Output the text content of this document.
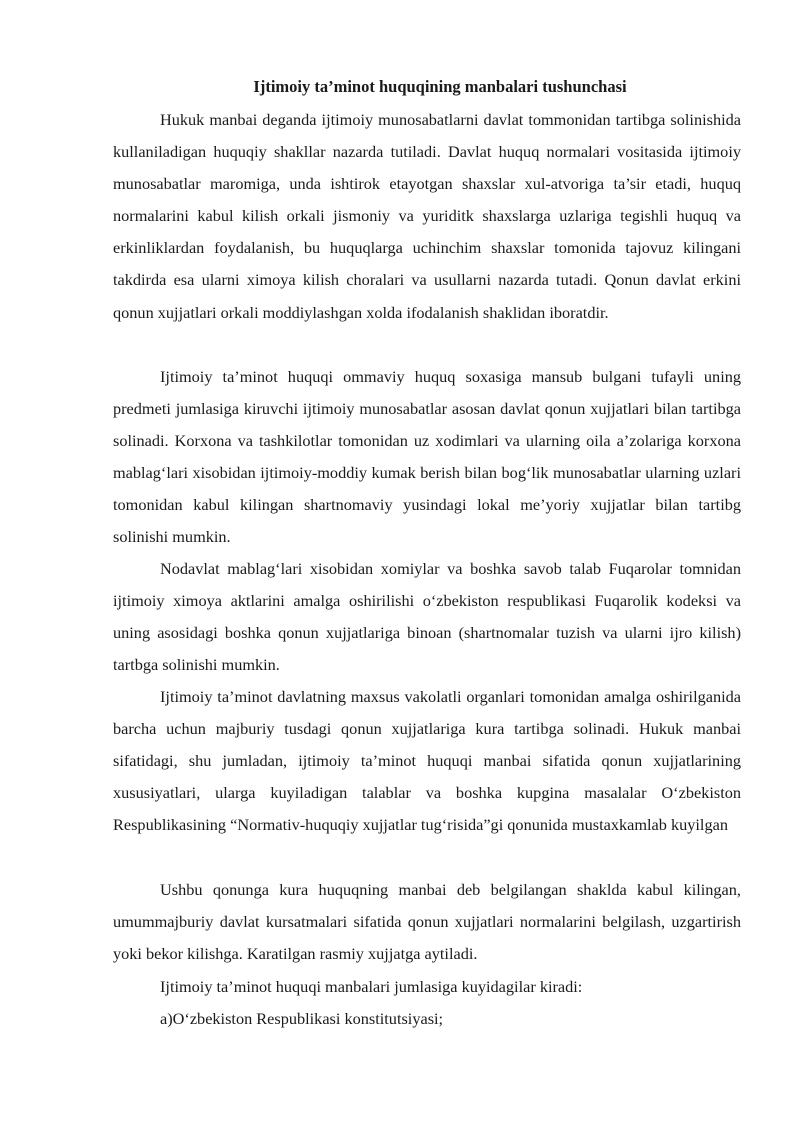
Ijtimoiy ta’minot huquqining manbalari tushunchasi

Hukuk manbai deganda ijtimoiy munosabatlarni davlat tommonidan tartibga solinishida kullaniladigan huquqiy shakllar nazarda tutiladi. Davlat huquq normalari vositasida ijtimoiy munosabatlar maromiga, unda ishtirok etayotgan shaxslar xul-atvoriga ta’sir etadi, huquq normalarini kabul kilish orkali jismoniy va yuriditk shaxslarga uzlariga tegishli huquq va erkinliklardan foydalanish, bu huquqlarga uchinchim shaxslar tomonida tajovuz kilingani takdirda esa ularni ximoya kilish choralari va usullarni nazarda tutadi. Qonun davlat erkini qonun xujjatlari orkali moddiylashgan xolda ifodalanish shaklidan iboratdir.

Ijtimoiy ta’minot huquqi ommaviy huquq soxasiga mansub bulgani tufayli uning predmeti jumlasiga kiruvchi ijtimoiy munosabatlar asosan davlat qonun xujjatlari bilan tartibga solinadi. Korxona va tashkilotlar tomonidan uz xodimlari va ularning oila a’zolariga korxona mablag‘lari xisobidan ijtimoiy-moddiy kumak berish bilan bog‘lik munosabatlar ularning uzlari tomonidan kabul kilingan shartnomaviy yusindagi lokal me’yoriy xujjatlar bilan tartibg solinishi mumkin.

Nodavlat mablag‘lari xisobidan xomiylar va boshka savob talab Fuqarolar tomnidan ijtimoiy ximoya aktlarini amalga oshirilishi o‘zbekiston respublikasi Fuqarolik kodeksi va uning asosidagi boshka qonun xujjatlariga binoan (shartnomalar tuzish va ularni ijro kilish) tartbga solinishi mumkin.

Ijtimoiy ta’minot davlatning maxsus vakolatli organlari tomonidan amalga oshirilganida barcha uchun majburiy tusdagi qonun xujjatlariga kura tartibga solinadi. Hukuk manbai sifatidagi, shu jumladan, ijtimoiy ta’minot huquqi manbai sifatida qonun xujjatlarining xususiyatlari, ularga kuyiladigan talablar va boshka kupgina masalalar O‘zbekiston Respublikasining “Normativ-huquqiy xujjatlar tug‘risida”gi qonunida mustaxkamlab kuyilgan

Ushbu qonunga kura huquqning manbai deb belgilangan shaklda kabul kilingan, umummajburiy davlat kursatmalari sifatida qonun xujjatlari normalarini belgilash, uzgartirish yoki bekor kilishga. Karatilgan rasmiy xujjatga aytiladi.

Ijtimoiy ta’minot huquqi manbalari jumlasiga kuyidagilar kiradi:
a)O‘zbekiston Respublikasi konstitutsiyasi;
